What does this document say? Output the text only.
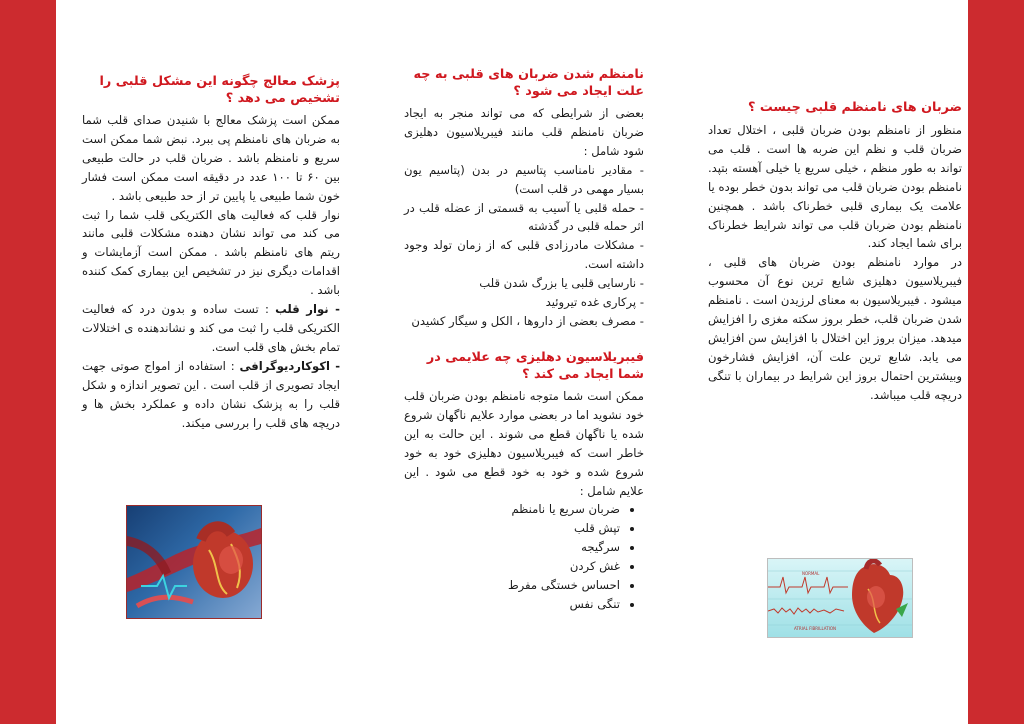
ضربان های نامنظم قلبی چیست ؟

منظور از نامنظم بودن ضربان قلبی ، اختلال تعداد ضربان قلب و نظم این ضربه ها است . قلب می تواند به طور منظم ، خیلی سریع یا خیلی آهسته بتپد. نامنظم بودن ضربان قلب می تواند بدون خطر بوده یا علامت یک بیماری قلبی خطرناک باشد . همچنین نامنظم بودن ضربان قلب می تواند شرایط خطرناک برای شما ایجاد کند.

در موارد نامنظم بودن ضربان های قلبی ، فیبریلاسیون دهلیزی شایع ترین نوع آن محسوب میشود . فیبریلاسیون به معنای لرزیدن است . نامنظم شدن ضربان قلب، خطر بروز سکته مغزی را افزایش میدهد. میزان بروز این اختلال با افزایش سن افزایش می یابد. شایع ترین علت آن، افزایش فشارخون وبیشترین احتمال بروز این شرایط در بیماران با تنگی دریچه قلب میباشد.

نامنظم شدن ضربان های قلبی به چه علت ایجاد می شود ؟

بعضی از شرایطی که می تواند منجر به ایجاد ضربان نامنظم قلب مانند فیبریلاسیون دهلیزی شود شامل :

- مقادیر نامناسب پتاسیم در بدن (پتاسیم یون بسیار مهمی در قلب است)

- حمله قلبی یا آسیب به قسمتی از عضله قلب در اثر حمله قلبی در گذشته

- مشکلات مادرزادی قلبی که از زمان تولد وجود داشته است.

- نارسایی قلبی یا بزرگ شدن قلب

- پرکاری غده تیروئید

- مصرف بعضی از داروها ، الکل و سیگار کشیدن

فیبریلاسیون دهلیزی چه علایمی در شما ایجاد می کند ؟

ممکن است شما متوجه نامنظم بودن ضربان قلب خود نشوید اما در بعضی موارد علایم ناگهان شروع شده یا ناگهان قطع می شوند . این حالت به این خاطر است که فیبریلاسیون دهلیزی خود به خود شروع شده و خود به خود قطع می شود . این علایم شامل :

• ضربان سریع یا نامنظم
• تپش قلب
• سرگیجه
• غش کردن
• احساس خستگی مفرط
• تنگی نفس
پزشک معالج چگونه این مشکل قلبی را تشخیص می دهد ؟

ممکن است پزشک معالج با شنیدن صدای قلب شما به ضربان های نامنظم پی ببرد. نبض شما ممکن است سریع و نامنظم باشد . ضربان قلب در حالت طبیعی بین ۶۰ تا ۱۰۰ عدد در دقیقه است ممکن است فشار خون شما طبیعی یا پایین تر از حد طبیعی باشد .

نوار قلب که فعالیت های الکتریکی قلب شما را ثبت می کند می تواند نشان دهنده مشکلات قلبی مانند ریتم های نامنظم باشد . ممکن است آزمایشات و اقدامات دیگری نیز در تشخیص این بیماری کمک کننده باشد .

- نوار قلب : تست ساده و بدون درد که فعالیت الکتریکی قلب را ثبت می کند و نشاندهنده ی اختلالات تمام بخش های قلب است.

- اکوکاردیوگرافی : استفاده از امواج صوتی جهت ایجاد تصویری از قلب است . این تصویر اندازه و شکل قلب را به پزشک نشان داده و عملکرد بخش ها و دریچه های قلب را بررسی میکند.

NORMAL
ATRIAL FIBRILLATION
